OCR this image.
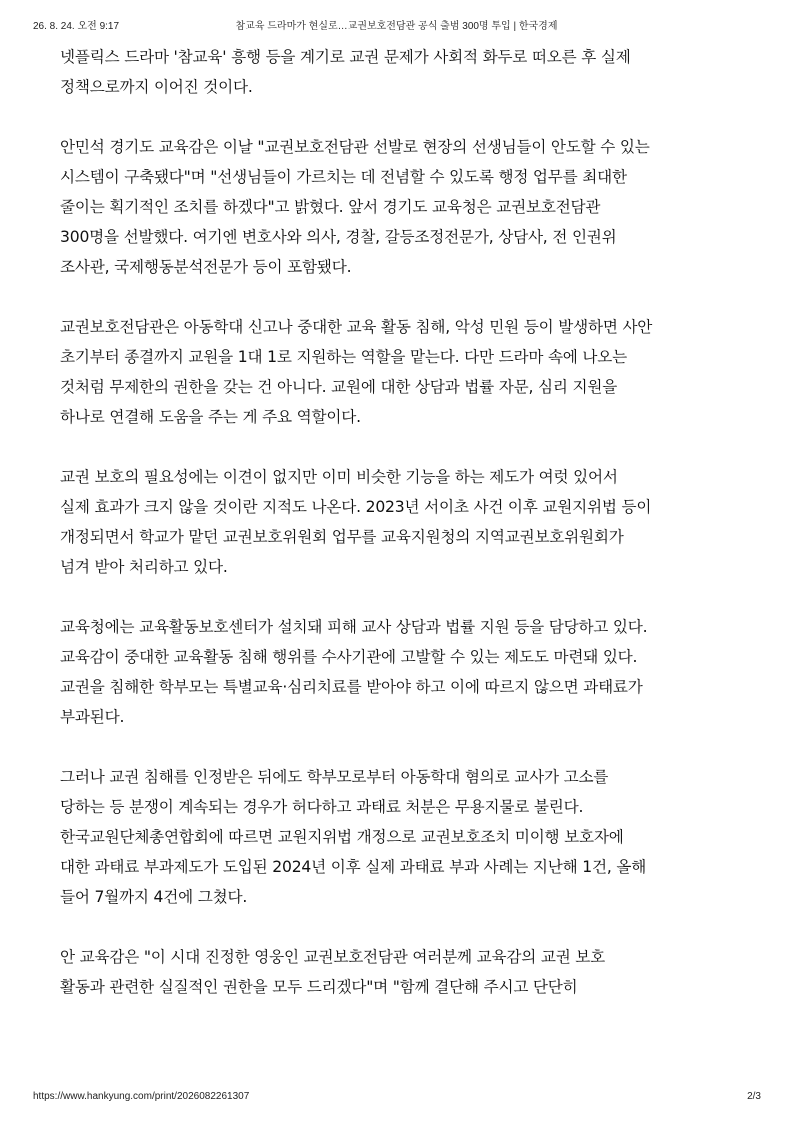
26. 8. 24. 오전 9:17	참교육 드라마가 현실로…교권보호전담관 공식 출범 300명 투입 | 한국경제
넷플릭스 드라마 '참교육' 흥행 등을 계기로 교권 문제가 사회적 화두로 떠오른 후 실제
정책으로까지 이어진 것이다.
안민석 경기도 교육감은 이날 "교권보호전담관 선발로 현장의 선생님들이 안도할 수 있는
시스템이 구축됐다"며 "선생님들이 가르치는 데 전념할 수 있도록 행정 업무를 최대한
줄이는 획기적인 조치를 하겠다"고 밝혔다. 앞서 경기도 교육청은 교권보호전담관
300명을 선발했다. 여기엔 변호사와 의사, 경찰, 갈등조정전문가, 상담사, 전 인권위
조사관, 국제행동분석전문가 등이 포함됐다.
교권보호전담관은 아동학대 신고나 중대한 교육 활동 침해, 악성 민원 등이 발생하면 사안
초기부터 종결까지 교원을 1대 1로 지원하는 역할을 맡는다. 다만 드라마 속에 나오는
것처럼 무제한의 권한을 갖는 건 아니다. 교원에 대한 상담과 법률 자문, 심리 지원을
하나로 연결해 도움을 주는 게 주요 역할이다.
교권 보호의 필요성에는 이견이 없지만 이미 비슷한 기능을 하는 제도가 여럿 있어서
실제 효과가 크지 않을 것이란 지적도 나온다. 2023년 서이초 사건 이후 교원지위법 등이
개정되면서 학교가 맡던 교권보호위원회 업무를 교육지원청의 지역교권보호위원회가
넘겨 받아 처리하고 있다.
교육청에는 교육활동보호센터가 설치돼 피해 교사 상담과 법률 지원 등을 담당하고 있다.
교육감이 중대한 교육활동 침해 행위를 수사기관에 고발할 수 있는 제도도 마련돼 있다.
교권을 침해한 학부모는 특별교육·심리치료를 받아야 하고 이에 따르지 않으면 과태료가
부과된다.
그러나 교권 침해를 인정받은 뒤에도 학부모로부터 아동학대 혐의로 교사가 고소를
당하는 등 분쟁이 계속되는 경우가 허다하고 과태료 처분은 무용지물로 불린다.
한국교원단체총연합회에 따르면 교원지위법 개정으로 교권보호조치 미이행 보호자에
대한 과태료 부과제도가 도입된 2024년 이후 실제 과태료 부과 사례는 지난해 1건, 올해
들어 7월까지 4건에 그쳤다.
안 교육감은 "이 시대 진정한 영웅인 교권보호전담관 여러분께 교육감의 교권 보호
활동과 관련한 실질적인 권한을 모두 드리겠다"며 "함께 결단해 주시고 단단히
https://www.hankyung.com/print/2026082261307	2/3
